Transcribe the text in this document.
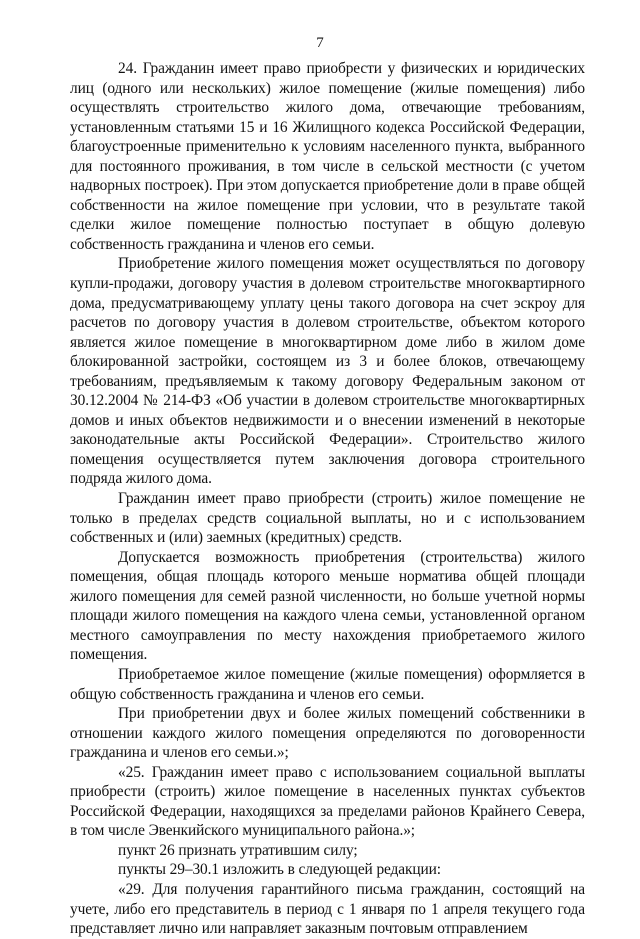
7

24. Гражданин имеет право приобрести у физических и юридических лиц (одного или нескольких) жилое помещение (жилые помещения) либо осуществлять строительство жилого дома, отвечающие требованиям, установленным статьями 15 и 16 Жилищного кодекса Российской Федерации, благоустроенные применительно к условиям населенного пункта, выбранного для постоянного проживания, в том числе в сельской местности (с учетом надворных построек). При этом допускается приобретение доли в праве общей собственности на жилое помещение при условии, что в результате такой сделки жилое помещение полностью поступает в общую долевую собственность гражданина и членов его семьи.

Приобретение жилого помещения может осуществляться по договору купли-продажи, договору участия в долевом строительстве многоквартирного дома, предусматривающему уплату цены такого договора на счет эскроу для расчетов по договору участия в долевом строительстве, объектом которого является жилое помещение в многоквартирном доме либо в жилом доме блокированной застройки, состоящем из 3 и более блоков, отвечающему требованиям, предъявляемым к такому договору Федеральным законом от 30.12.2004 № 214-ФЗ «Об участии в долевом строительстве многоквартирных домов и иных объектов недвижимости и о внесении изменений в некоторые законодательные акты Российской Федерации». Строительство жилого помещения осуществляется путем заключения договора строительного подряда жилого дома.

Гражданин имеет право приобрести (строить) жилое помещение не только в пределах средств социальной выплаты, но и с использованием собственных и (или) заемных (кредитных) средств.

Допускается возможность приобретения (строительства) жилого помещения, общая площадь которого меньше норматива общей площади жилого помещения для семей разной численности, но больше учетной нормы площади жилого помещения на каждого члена семьи, установленной органом местного самоуправления по месту нахождения приобретаемого жилого помещения.

Приобретаемое жилое помещение (жилые помещения) оформляется в общую собственность гражданина и членов его семьи.

При приобретении двух и более жилых помещений собственники в отношении каждого жилого помещения определяются по договоренности гражданина и членов его семьи.»;

«25. Гражданин имеет право с использованием социальной выплаты приобрести (строить) жилое помещение в населенных пунктах субъектов Российской Федерации, находящихся за пределами районов Крайнего Севера, в том числе Эвенкийского муниципального района.»;

пункт 26 признать утратившим силу;

пункты 29–30.1 изложить в следующей редакции:

«29. Для получения гарантийного письма гражданин, состоящий на учете, либо его представитель в период с 1 января по 1 апреля текущего года представляет лично или направляет заказным почтовым отправлением
